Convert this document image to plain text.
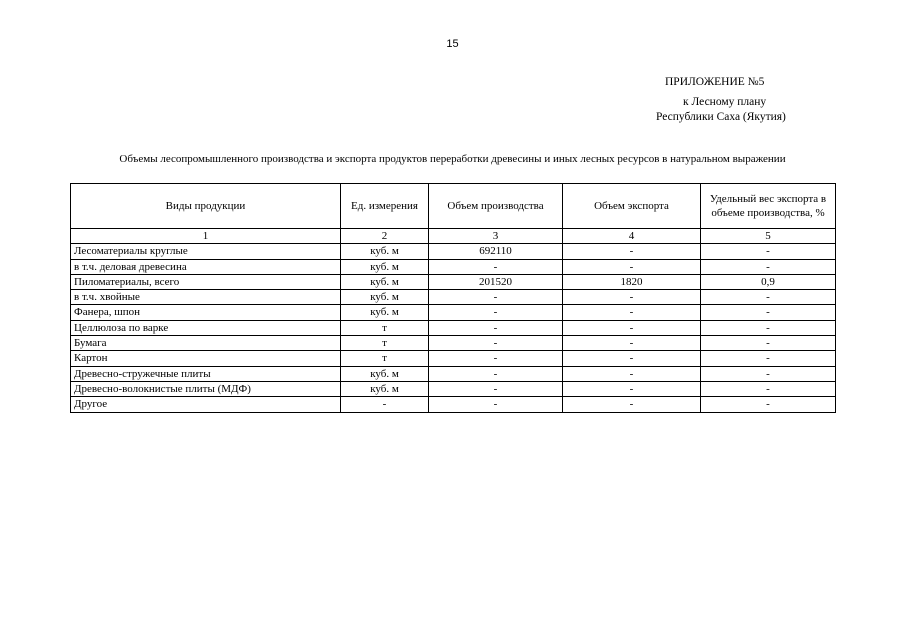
15
ПРИЛОЖЕНИЕ №5
к Лесному плану
Республики Саха (Якутия)
Объемы лесопромышленного производства и экспорта продуктов переработки древесины и иных лесных ресурсов в натуральном выражении
Виды продукции	Ед. измерения	Объем производства	Объем экспорта	Удельный вес экспорта в объеме производства, %
1	2	3	4	5
Лесоматериалы круглые	куб. м	692110	-	-
в т.ч. деловая древесина	куб. м	-	-	-
Пиломатериалы, всего	куб. м	201520	1820	0,9
в т.ч. хвойные	куб. м	-	-	-
Фанера, шпон	куб. м	-	-	-
Целлюлоза по варке	т	-	-	-
Бумага	т	-	-	-
Картон	т	-	-	-
Древесно-стружечные плиты	куб. м	-	-	-
Древесно-волокнистые плиты (МДФ)	куб. м	-	-	-
Другое	-	-	-	-
